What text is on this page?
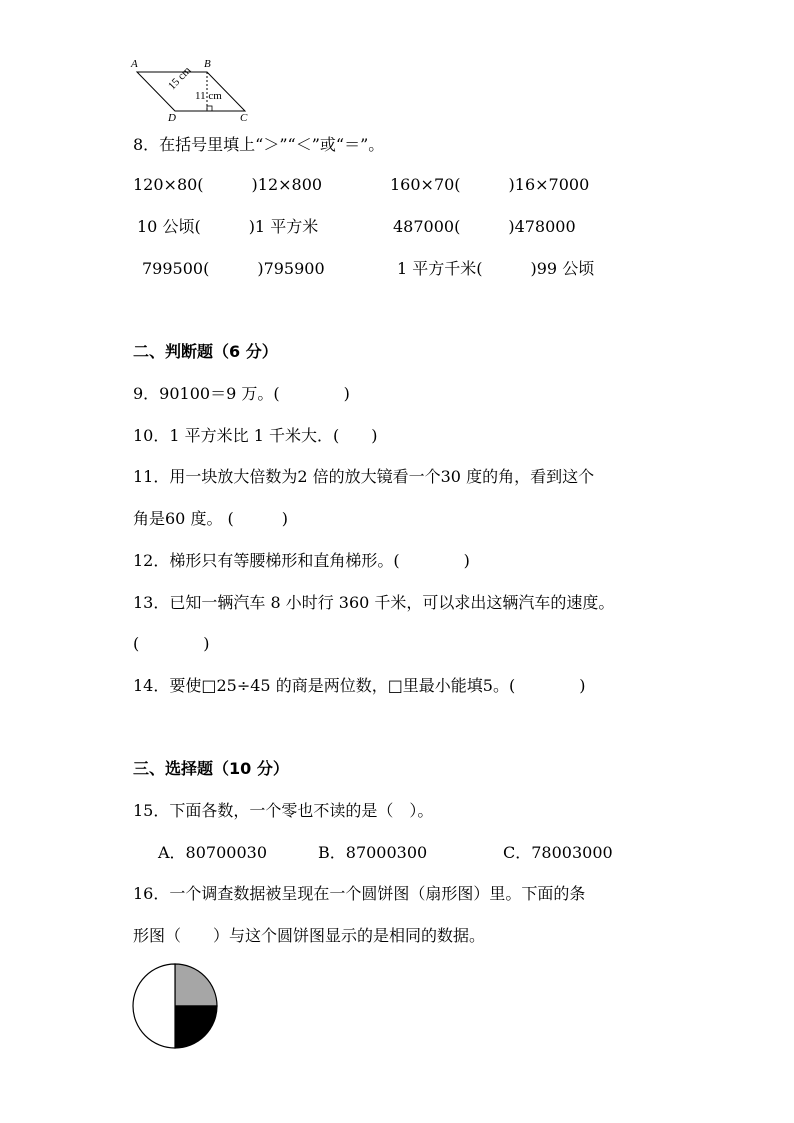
A	B
D	C
15 cm
11 cm
8．在括号里填上“＞”“＜”或“＝”。
120×80(　　　)12×800	160×70(　　　)16×7000
10 公顷(　　　)1 平方米	487000(　　　)478000
799500(　　　)795900	1 平方千米(　　　)99 公顷
二、判断题（6 分）
9．90100＝9 万。(　　　　)
10．1 平方米比 1 千米大．(　　)
11．用一块放大倍数为2 倍的放大镜看一个30 度的角，看到这个
角是60 度。 (　　　)
12．梯形只有等腰梯形和直角梯形。(　　　　)
13．已知一辆汽车 8 小时行 360 千米，可以求出这辆汽车的速度。
(　　　　)
14．要使□25÷45 的商是两位数，□里最小能填5。(　　　　)
三、选择题（10 分）
15．下面各数，一个零也不读的是（　）。
A．80700030	B．87000300	C．78003000
16．一个调查数据被呈现在一个圆饼图（扇形图）里。下面的条
形图（　　）与这个圆饼图显示的是相同的数据。
